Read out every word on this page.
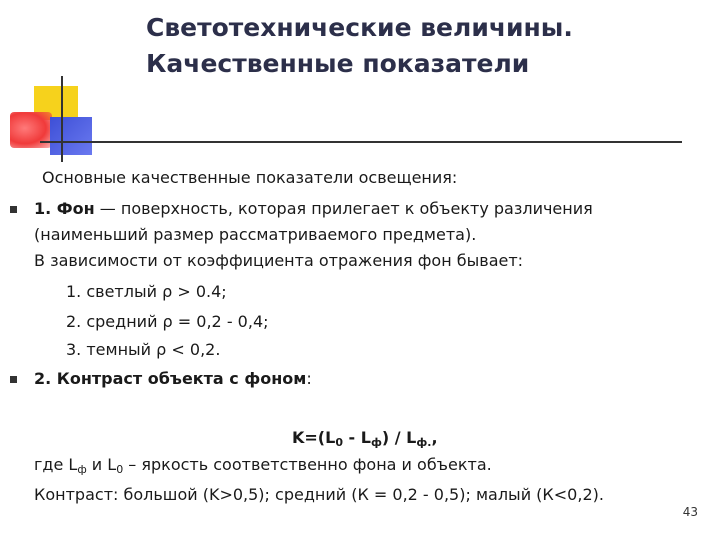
Светотехнические величины.
Качественные показатели
Основные качественные показатели освещения:
1. Фон — поверхность, которая прилегает к объекту различения
(наименьший размер рассматриваемого предмета).
В зависимости от коэффициента отражения фон бывает:
1. светлый ρ > 0.4;
2. средний ρ = 0,2 - 0,4;
3. темный ρ < 0,2.
2. Контраст объекта с фоном:
$K=(L_0 - L_ф) / L_{ф.}$,
где $L_ф$ и $L_0$ – яркость соответственно фона и объекта.
Контраст: большой (K>0,5); средний (К = 0,2 - 0,5); малый (К<0,2).
43
